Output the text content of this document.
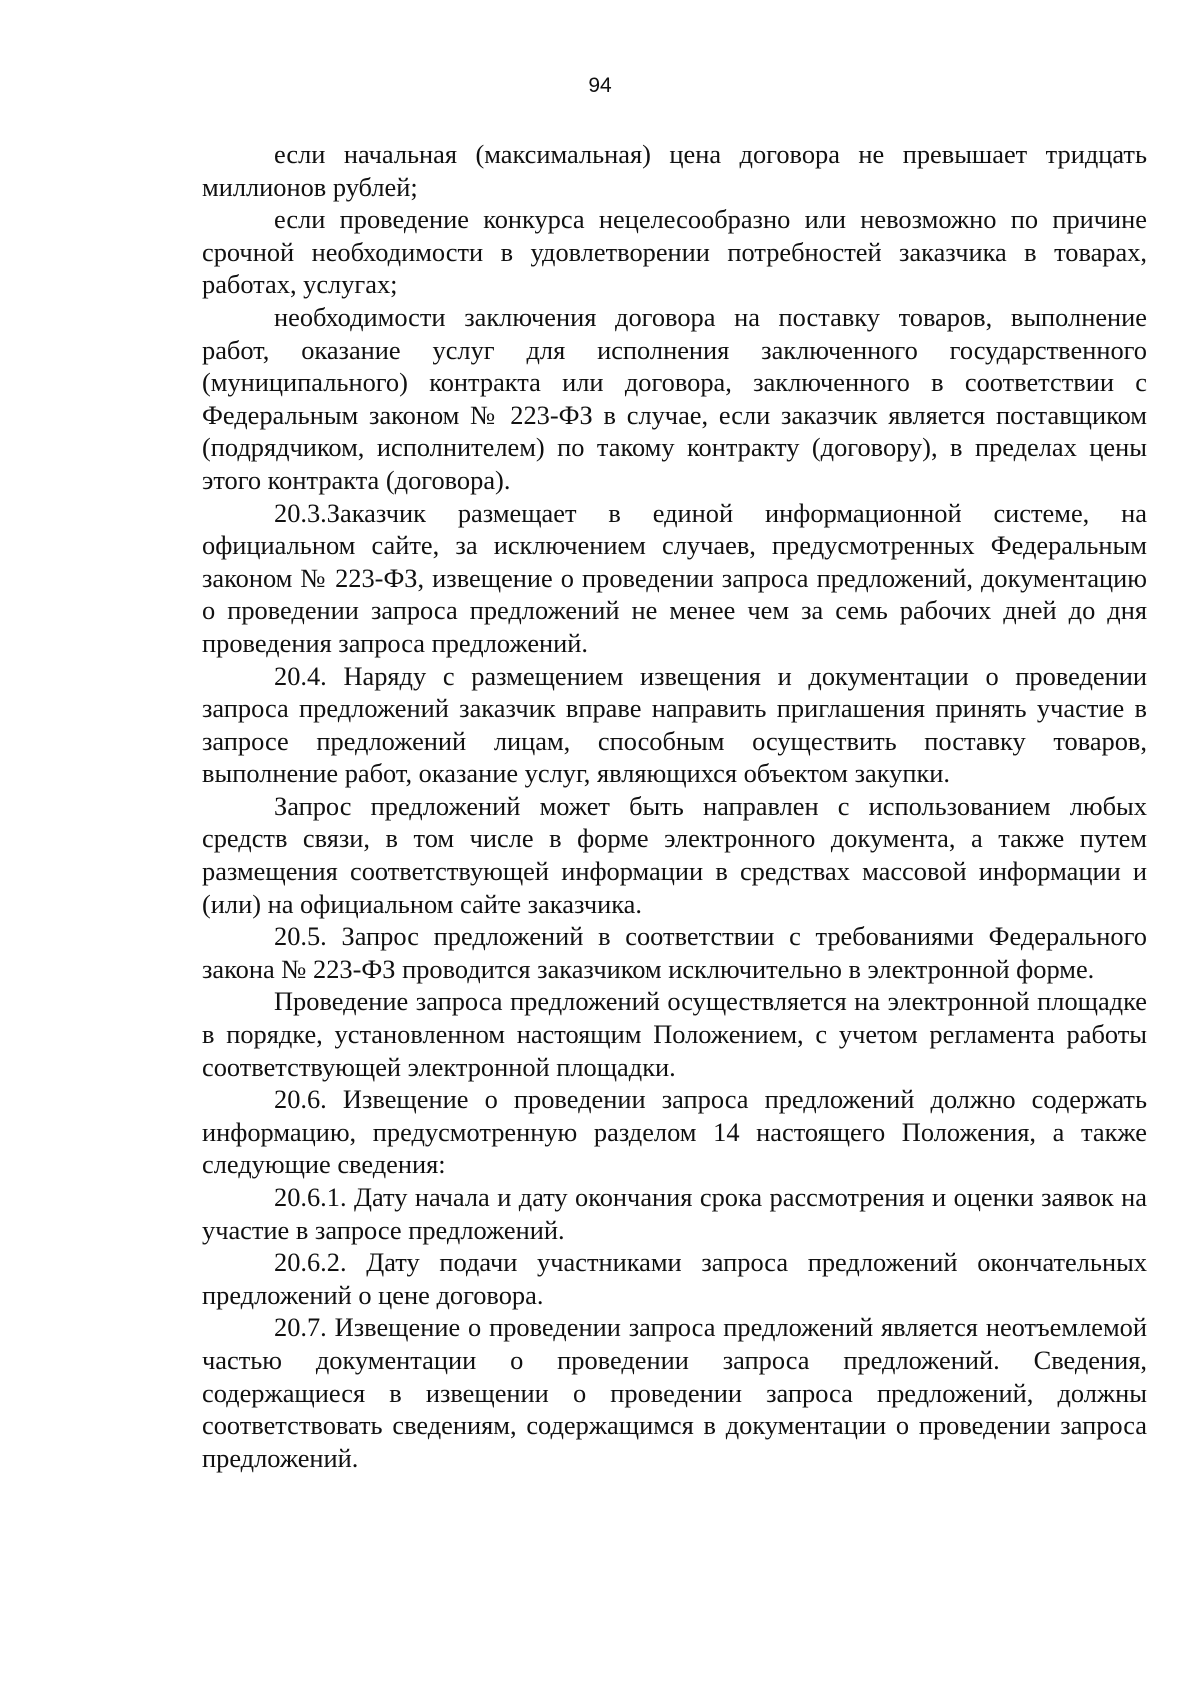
94

если начальная (максимальная) цена договора не превышает тридцать миллионов рублей;

если проведение конкурса нецелесообразно или невозможно по причине срочной необходимости в удовлетворении потребностей заказчика в товарах, работах, услугах;

необходимости заключения договора на поставку товаров, выполнение работ, оказание услуг для исполнения заключенного государственного (муниципального) контракта или договора, заключенного в соответствии с Федеральным законом № 223-ФЗ в случае, если заказчик является поставщиком (подрядчиком, исполнителем) по такому контракту (договору), в пределах цены этого контракта (договора).

20.3.Заказчик размещает в единой информационной системе, на официальном сайте, за исключением случаев, предусмотренных Федеральным законом № 223-ФЗ, извещение о проведении запроса предложений, документацию о проведении запроса предложений не менее чем за семь рабочих дней до дня проведения запроса предложений.

20.4. Наряду с размещением извещения и документации о проведении запроса предложений заказчик вправе направить приглашения принять участие в запросе предложений лицам, способным осуществить поставку товаров, выполнение работ, оказание услуг, являющихся объектом закупки.

Запрос предложений может быть направлен с использованием любых средств связи, в том числе в форме электронного документа, а также путем размещения соответствующей информации в средствах массовой информации и (или) на официальном сайте заказчика.

20.5. Запрос предложений в соответствии с требованиями Федерального закона № 223-ФЗ проводится заказчиком исключительно в электронной форме.

Проведение запроса предложений осуществляется на электронной площадке в порядке, установленном настоящим Положением, с учетом регламента работы соответствующей электронной площадки.

20.6. Извещение о проведении запроса предложений должно содержать информацию, предусмотренную разделом 14 настоящего Положения, а также следующие сведения:

20.6.1. Дату начала и дату окончания срока рассмотрения и оценки заявок на участие в запросе предложений.

20.6.2. Дату подачи участниками запроса предложений окончательных предложений о цене договора.

20.7. Извещение о проведении запроса предложений является неотъемлемой частью документации о проведении запроса предложений. Сведения, содержащиеся в извещении о проведении запроса предложений, должны соответствовать сведениям, содержащимся в документации о проведении запроса предложений.
